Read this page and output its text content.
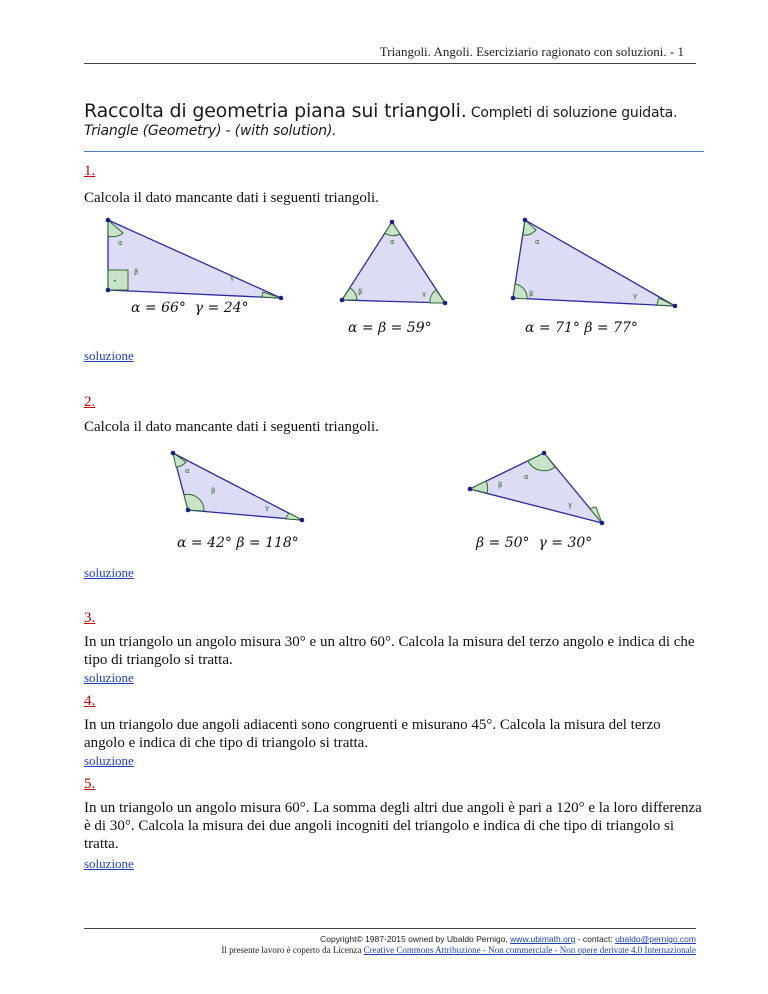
Triangoli. Angoli. Eserciziario ragionato con soluzioni. - 1
Raccolta di geometria piana sui triangoli. Completi di soluzione guidata.
Triangle (Geometry) - (with solution).
1.
Calcola il dato mancante dati i seguenti triangoli.
α
•
β
γ
α = 66°  γ = 24°
α
β	γ
α = β = 59°
α
β	γ
α = 71° β = 77°
soluzione
2.
Calcola il dato mancante dati i seguenti triangoli.
α
β
γ
α = 42° β = 118°
α
β
γ
β = 50°  γ = 30°
soluzione
3.
In un triangolo un angolo misura 30° e un altro 60°. Calcola la misura del terzo angolo e indica di che tipo di triangolo si tratta.
soluzione
4.
In un triangolo due angoli adiacenti sono congruenti e misurano 45°. Calcola la misura del terzo angolo e indica di che tipo di triangolo si tratta.
soluzione
5.
In un triangolo un angolo misura 60°. La somma degli altri due angoli è pari a 120° e la loro differenza è di 30°. Calcola la misura dei due angoli incogniti del triangolo e indica di che tipo di triangolo si tratta.
soluzione
Copyright© 1987-2015 owned by Ubaldo Pernigo, www.ubimath.org - contact: ubaldo@pernigo.com
Il presente lavoro è coperto da Licenza Creative Commons Attribuzione - Non commerciale - Non opere derivate 4.0 Internazionale
